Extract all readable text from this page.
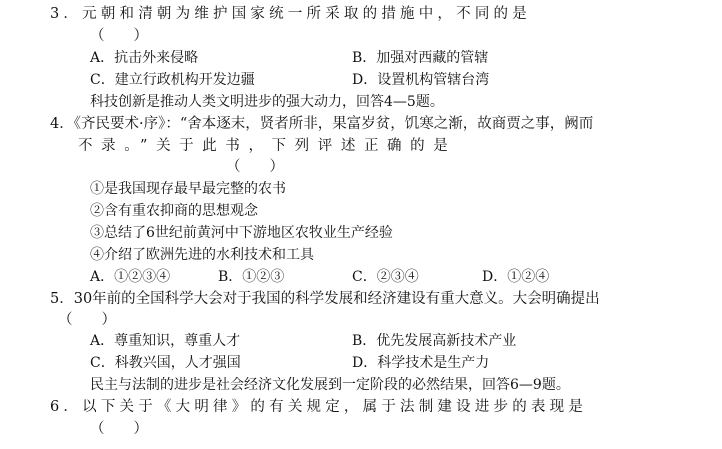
3．元朝和清朝为维护国家统一所采取的措施中，不同的是
（　　）
A．抗击外来侵略	B．加强对西藏的管辖
C．建立行政机构开发边疆	D．设置机构管辖台湾
科技创新是推动人类文明进步的强大动力，回答4—5题。
4．《齐民要术·序》：“舍本逐末，贤者所非，果富岁贫，饥寒之渐，故商贾之事，阙而
不录。”关于此书，下列评述正确的是
（　　）
①是我国现存最早最完整的农书
②含有重农抑商的思想观念
③总结了6世纪前黄河中下游地区农牧业生产经验
④介绍了欧洲先进的水利技术和工具
A．①②③④	B．①②③	C．②③④	D．①②④
5．30年前的全国科学大会对于我国的科学发展和经济建设有重大意义。大会明确提出
（　　）
A．尊重知识，尊重人才	B．优先发展高新技术产业
C．科教兴国，人才强国	D．科学技术是生产力
民主与法制的进步是社会经济文化发展到一定阶段的必然结果，回答6—9题。
6．以下关于《大明律》的有关规定，属于法制建设进步的表现是
（　　）
